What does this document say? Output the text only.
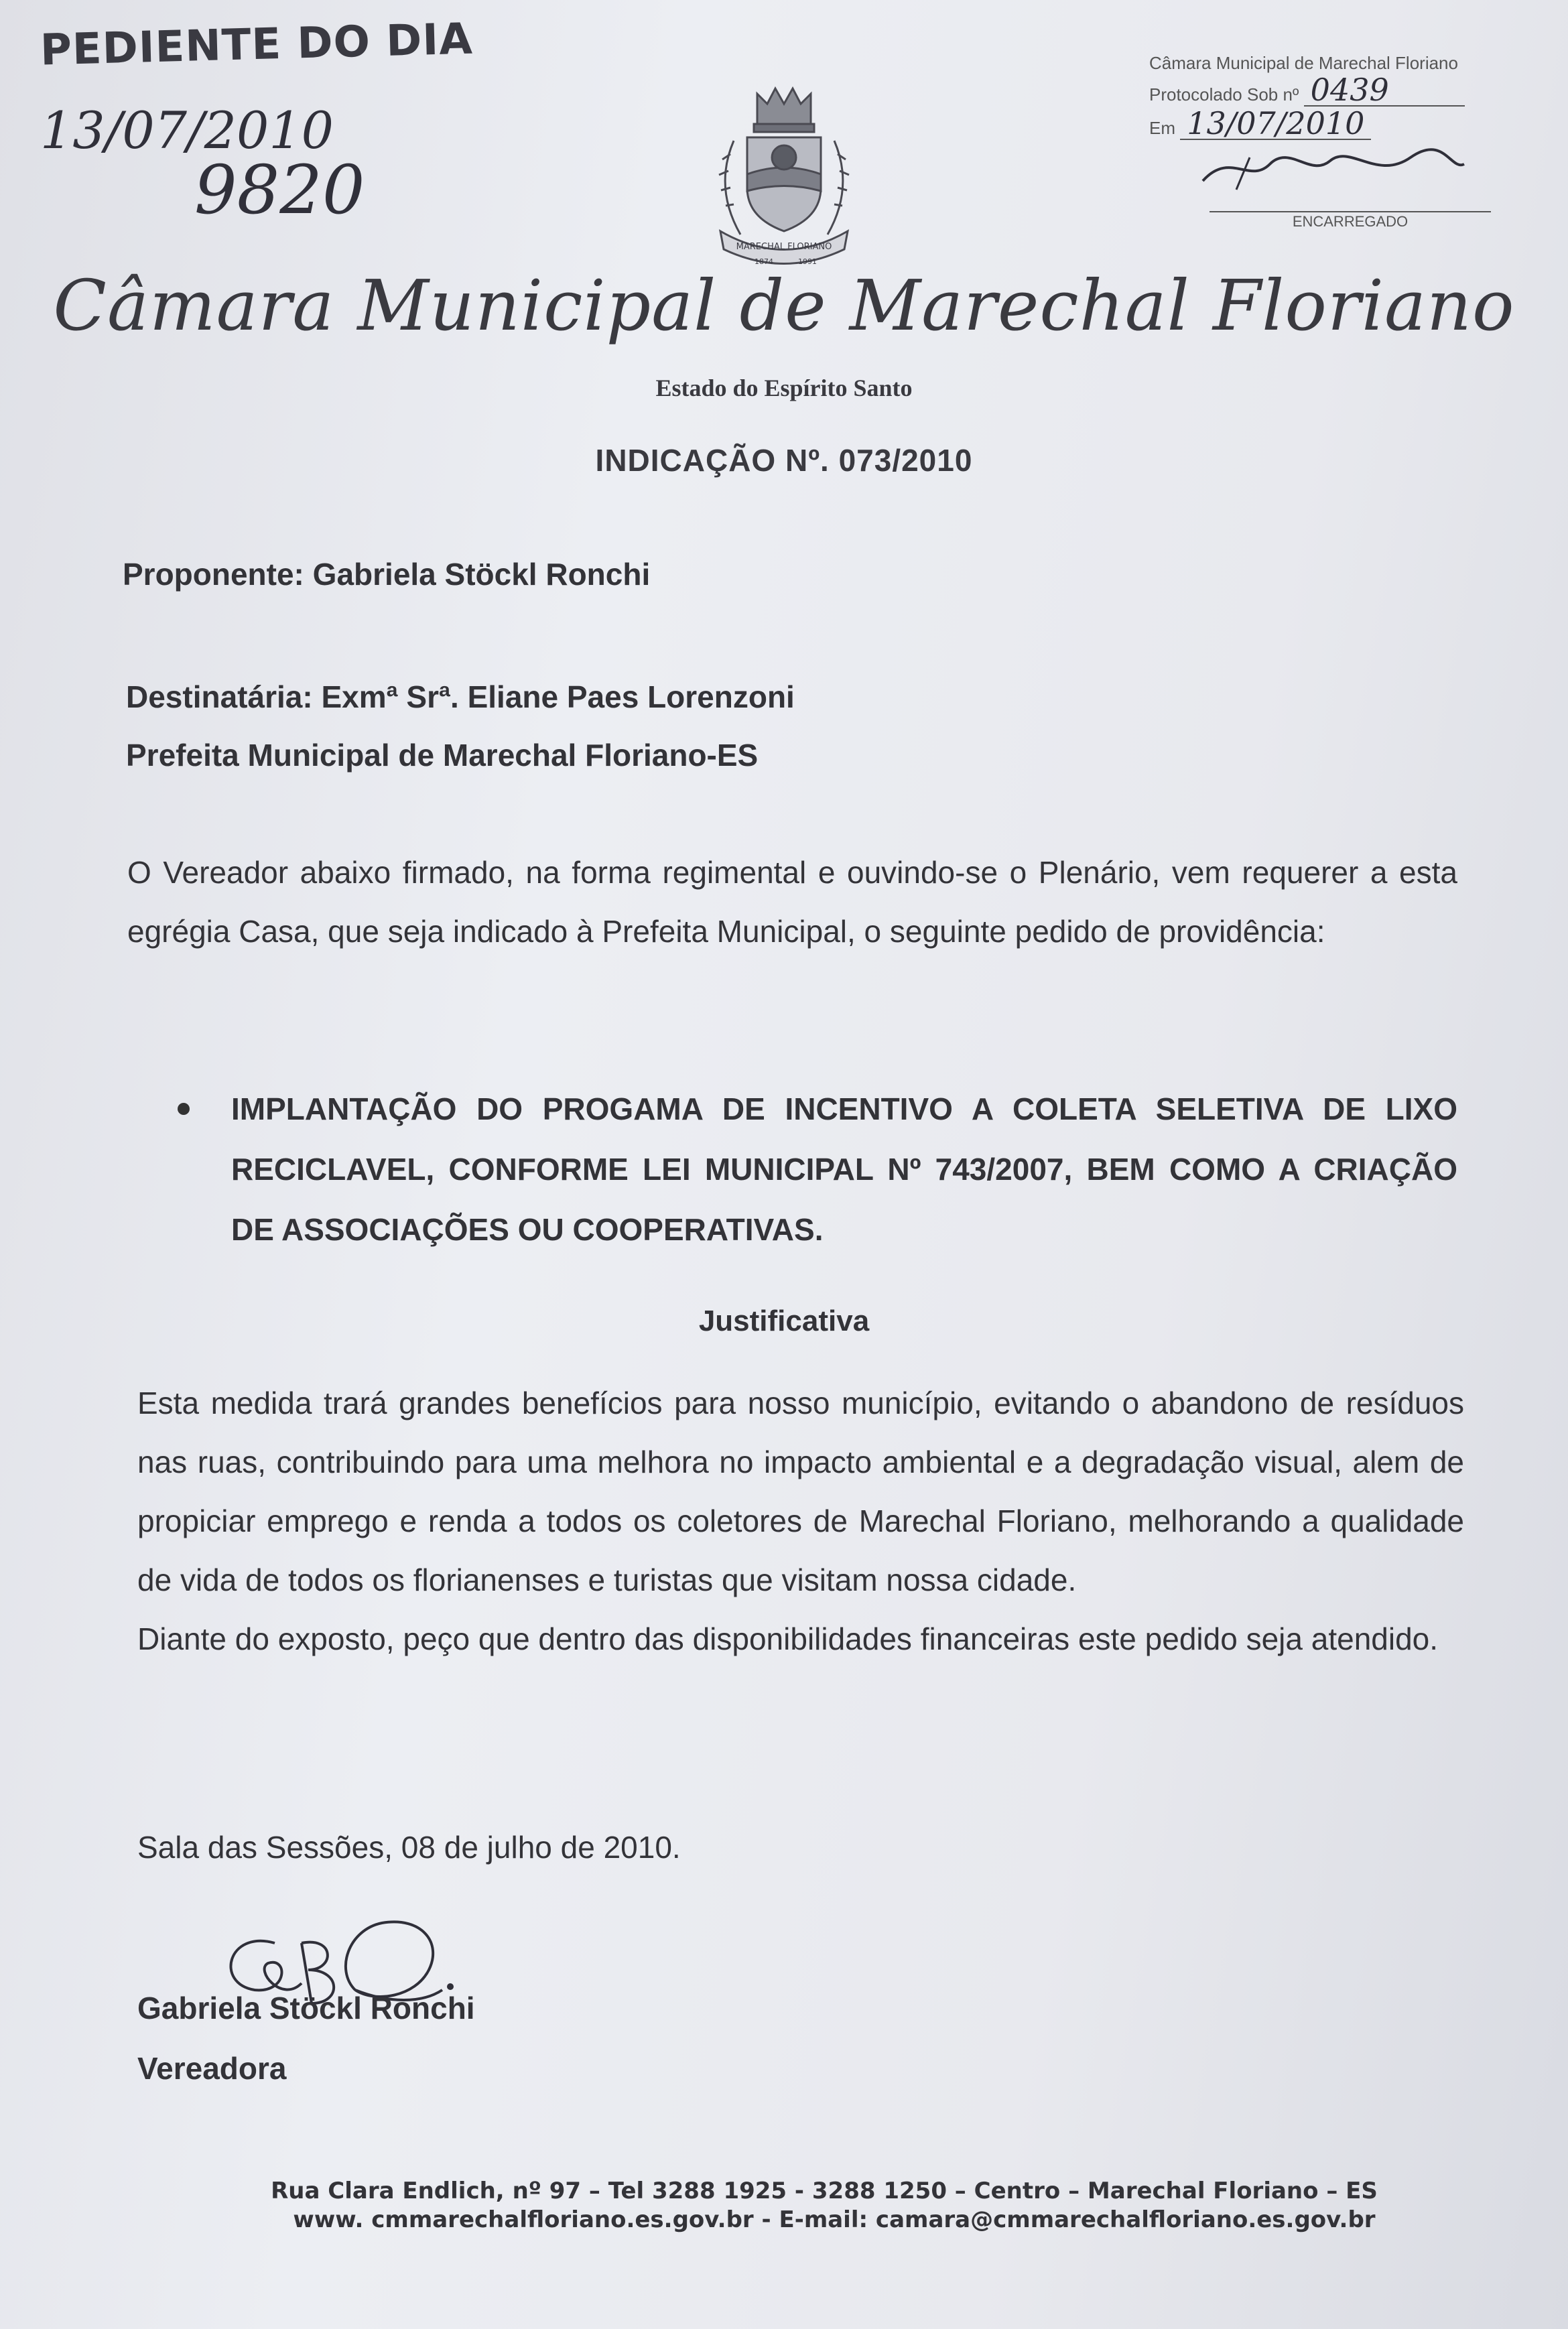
PEDIENTE DO DIA
13/07/2010
9820
Câmara Municipal de Marechal Floriano
Protocolado Sob nº 0439
Em 13/07/2010
ENCARREGADO
MARECHAL FLORIANO
1874	1991
Câmara Municipal de Marechal Floriano
Estado do Espírito Santo
INDICAÇÃO Nº. 073/2010
Proponente: Gabriela Stöckl Ronchi
Destinatária: Exmª Srª. Eliane Paes Lorenzoni
Prefeita Municipal de Marechal Floriano-ES
O Vereador abaixo firmado, na forma regimental e ouvindo-se o Plenário, vem requerer a esta egrégia Casa, que seja indicado à Prefeita Municipal, o seguinte pedido de providência:
IMPLANTAÇÃO DO PROGAMA DE INCENTIVO A COLETA SELETIVA DE LIXO RECICLAVEL, CONFORME LEI MUNICIPAL Nº 743/2007, BEM COMO A CRIAÇÃO DE ASSOCIAÇÕES OU COOPERATIVAS.
Justificativa

Esta medida trará grandes benefícios para nosso município, evitando o abandono de resíduos nas ruas, contribuindo para uma melhora no impacto ambiental e a degradação visual, alem de propiciar emprego e renda a todos os coletores de Marechal Floriano, melhorando a qualidade de vida de todos os florianenses e turistas que visitam nossa cidade.

Diante do exposto, peço que dentro das disponibilidades financeiras este pedido seja atendido.

Sala das Sessões, 08 de julho de 2010.
Gabriela Stöckl Ronchi
Vereadora
Rua Clara Endlich, nº 97 – Tel 3288 1925 - 3288 1250 – Centro – Marechal Floriano – ES
www. cmmarechalfloriano.es.gov.br - E-mail: camara@cmmarechalfloriano.es.gov.br
